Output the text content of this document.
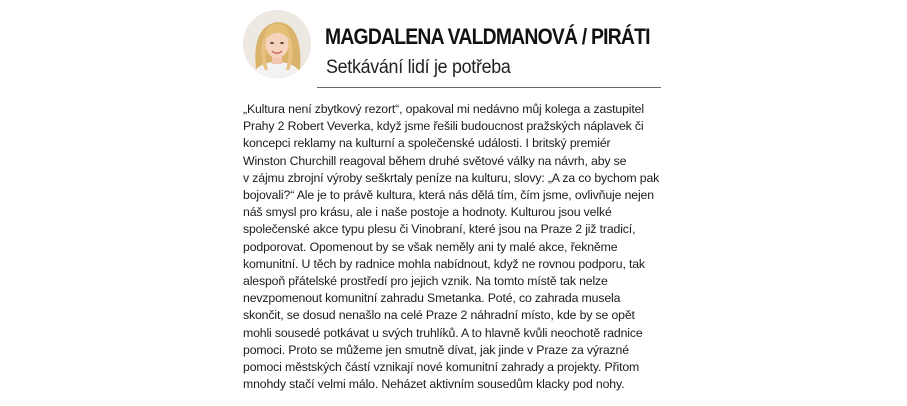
MAGDALENA VALDMANOVÁ / PIRÁTI
Setkávání lidí je potřeba
„Kultura není zbytkový rezort“, opakoval mi nedávno můj kolega a zastupitel
Prahy 2 Robert Veverka, když jsme řešili budoucnost pražských náplavek či
koncepci reklamy na kulturní a společenské události. I britský premiér
Winston Churchill reagoval během druhé světové války na návrh, aby se
v zájmu zbrojní výroby seškrtaly peníze na kulturu, slovy: „A za co bychom pak
bojovali?“ Ale je to právě kultura, která nás dělá tím, čím jsme, ovlivňuje nejen
náš smysl pro krásu, ale i naše postoje a hodnoty. Kulturou jsou velké
společenské akce typu plesu či Vinobraní, které jsou na Praze 2 již tradicí,
podporovat. Opomenout by se však neměly ani ty malé akce, řekněme
komunitní. U těch by radnice mohla nabídnout, když ne rovnou podporu, tak
alespoň přátelské prostředí pro jejich vznik. Na tomto místě tak nelze
nevzpomenout komunitní zahradu Smetanka. Poté, co zahrada musela
skončit, se dosud nenašlo na celé Praze 2 náhradní místo, kde by se opět
mohli sousedé potkávat u svých truhlíků. A to hlavně kvůli neochotě radnice
pomoci. Proto se můžeme jen smutně dívat, jak jinde v Praze za výrazné
pomoci městských částí vznikají nové komunitní zahrady a projekty. Přitom
mnohdy stačí velmi málo. Neházet aktivním sousedům klacky pod nohy.
